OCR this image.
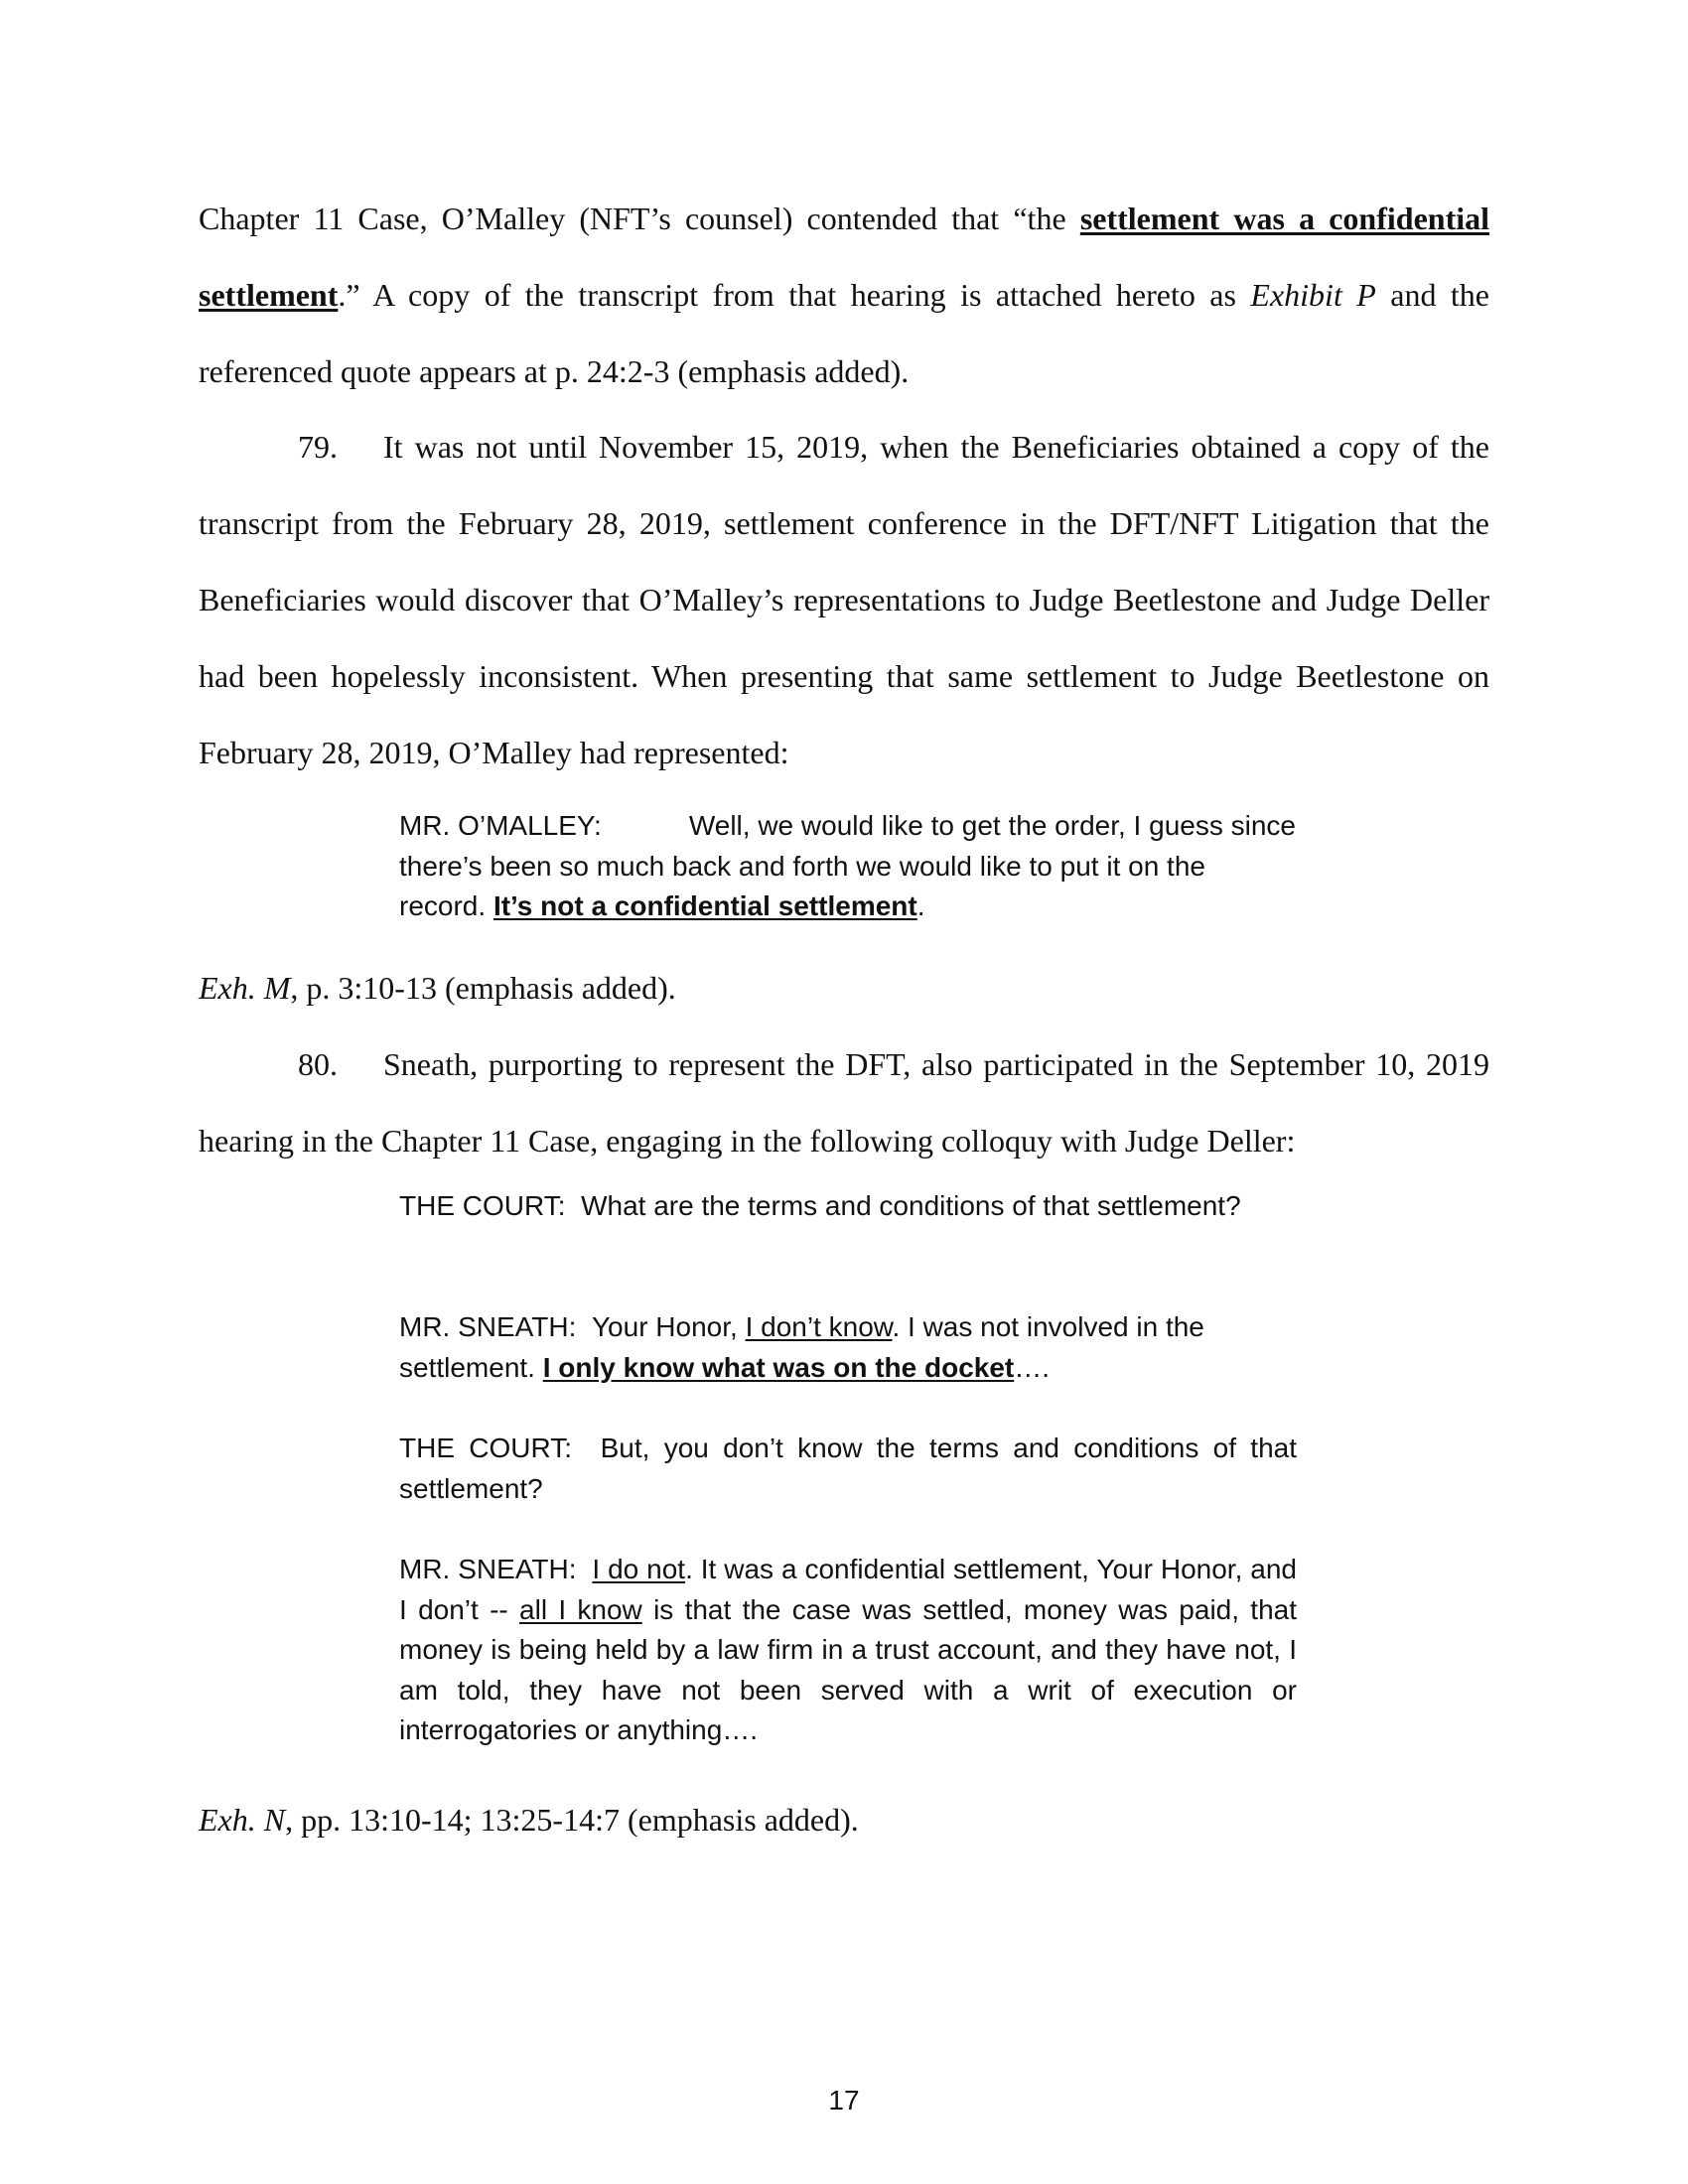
Chapter 11 Case, O’Malley (NFT’s counsel) contended that “the settlement was a confidential settlement.” A copy of the transcript from that hearing is attached hereto as Exhibit P and the referenced quote appears at p. 24:2-3 (emphasis added).

79. It was not until November 15, 2019, when the Beneficiaries obtained a copy of the transcript from the February 28, 2019, settlement conference in the DFT/NFT Litigation that the Beneficiaries would discover that O’Malley’s representations to Judge Beetlestone and Judge Deller had been hopelessly inconsistent. When presenting that same settlement to Judge Beetlestone on February 28, 2019, O’Malley had represented:

MR. O’MALLEY:	Well, we would like to get the order, I guess since there’s been so much back and forth we would like to put it on the record. It’s not a confidential settlement.

Exh. M, p. 3:10-13 (emphasis added).

80. Sneath, purporting to represent the DFT, also participated in the September 10, 2019 hearing in the Chapter 11 Case, engaging in the following colloquy with Judge Deller:

THE COURT: What are the terms and conditions of that settlement?

MR. SNEATH: Your Honor, I don’t know. I was not involved in the settlement. I only know what was on the docket….

THE COURT: But, you don’t know the terms and conditions of that settlement?

MR. SNEATH: I do not. It was a confidential settlement, Your Honor, and I don’t -- all I know is that the case was settled, money was paid, that money is being held by a law firm in a trust account, and they have not, I am told, they have not been served with a writ of execution or interrogatories or anything….

Exh. N, pp. 13:10-14; 13:25-14:7 (emphasis added).

17
